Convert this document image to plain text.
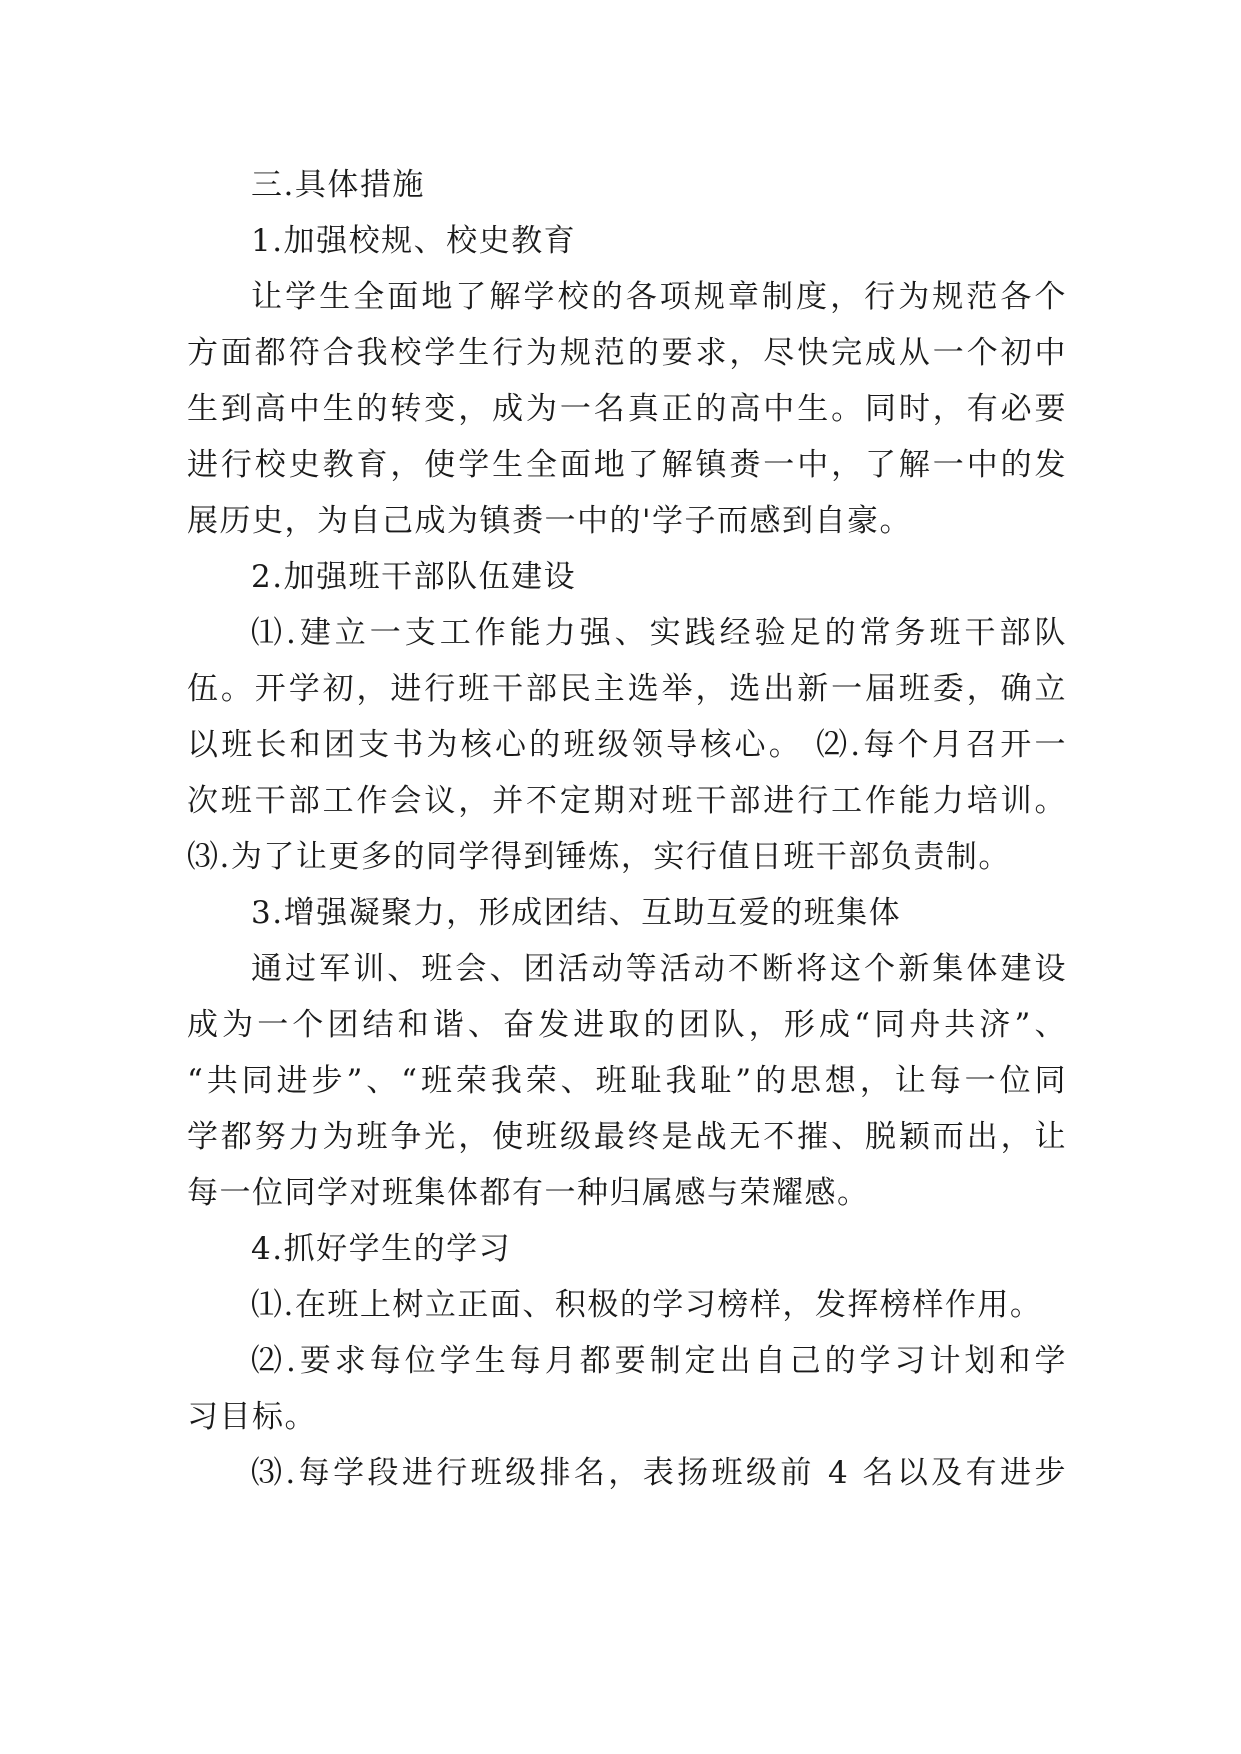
三.具体措施
1.加强校规、校史教育
让学生全面地了解学校的各项规章制度，行为规范各个
方面都符合我校学生行为规范的要求，尽快完成从一个初中
生到高中生的转变，成为一名真正的高中生。同时，有必要
进行校史教育，使学生全面地了解镇赉一中，了解一中的发
展历史，为自己成为镇赉一中的'学子而感到自豪。
2.加强班干部队伍建设
⑴.建立一支工作能力强、实践经验足的常务班干部队
伍。开学初，进行班干部民主选举，选出新一届班委，确立
以班长和团支书为核心的班级领导核心。 ⑵.每个月召开一
次班干部工作会议，并不定期对班干部进行工作能力培训。
⑶.为了让更多的同学得到锤炼，实行值日班干部负责制。
3.增强凝聚力，形成团结、互助互爱的班集体
通过军训、班会、团活动等活动不断将这个新集体建设
成为一个团结和谐、奋发进取的团队，形成“同舟共济”、
“共同进步”、“班荣我荣、班耻我耻”的思想，让每一位同
学都努力为班争光，使班级最终是战无不摧、脱颖而出，让
每一位同学对班集体都有一种归属感与荣耀感。
4.抓好学生的学习
⑴.在班上树立正面、积极的学习榜样，发挥榜样作用。
⑵.要求每位学生每月都要制定出自己的学习计划和学
习目标。
⑶.每学段进行班级排名，表扬班级前 4 名以及有进步
